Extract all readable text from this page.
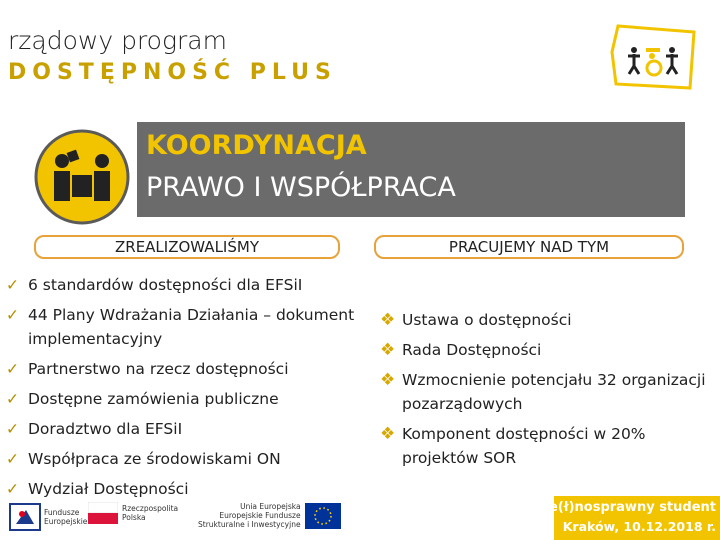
rządowy program
DOSTĘPNOŚĆ PLUS
KOORDYNACJA
PRAWO I WSPÓŁPRACA
ZREALIZOWALIŚMY	PRACUJEMY NAD TYM
✓ 6 standardów dostępności dla EFSiI
✓ 44 Plany Wdrażania Działania – dokument implementacyjny
✓ Partnerstwo na rzecz dostępności
✓ Dostępne zamówienia publiczne
✓ Doradztwo dla EFSiI
✓ Współpraca ze środowiskami ON
✓ Wydział Dostępności
❖ Ustawa o dostępności
❖ Rada Dostępności
❖ Wzmocnienie potencjału 32 organizacji pozarządowych
❖ Komponent dostępności w 20% projektów SOR
Fundusze
Europejskie
Rzeczpospolita
Polska
Unia Europejska
Europejskie Fundusze
Strukturalne i Inwestycyjne
Pe(ł)nosprawny student
Kraków, 10.12.2018 r.
